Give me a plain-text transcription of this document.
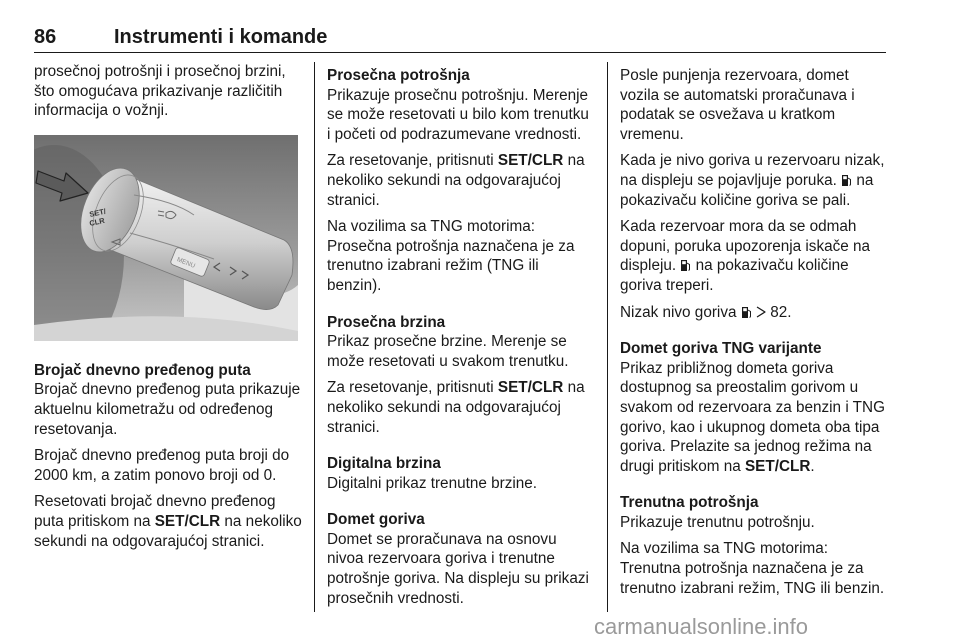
86	Instrumenti i komande

prosečnoj potrošnji i prosečnoj brzini, što omogućava prikazivanje različitih informacija o vožnji.

SET/
CLR
MENU

Brojač dnevno pređenog puta

Brojač dnevno pređenog puta prikazuje aktuelnu kilometražu od određenog resetovanja.

Brojač dnevno pređenog puta broji do 2000 km, a zatim ponovo broji od 0.

Resetovati brojač dnevno pređenog puta pritiskom na SET/CLR na nekoliko sekundi na odgovarajućoj stranici.

Prosečna potrošnja

Prikazuje prosečnu potrošnju. Merenje se može resetovati u bilo kom trenutku i početi od podrazumevane vrednosti.

Za resetovanje, pritisnuti SET/CLR na nekoliko sekundi na odgovarajućoj stranici.

Na vozilima sa TNG motorima: Prosečna potrošnja naznačena je za trenutno izabrani režim (TNG ili benzin).

Prosečna brzina

Prikaz prosečne brzine. Merenje se može resetovati u svakom trenutku.

Za resetovanje, pritisnuti SET/CLR na nekoliko sekundi na odgovarajućoj stranici.

Digitalna brzina

Digitalni prikaz trenutne brzine.

Domet goriva

Domet se proračunava na osnovu nivoa rezervoara goriva i trenutne potrošnje goriva. Na displeju su prikazi prosečnih vrednosti.

Posle punjenja rezervoara, domet vozila se automatski proračunava i podatak se osvežava u kratkom vremenu.

Kada je nivo goriva u rezervoaru nizak, na displeju se pojavljuje poruka.  na pokazivaču količine goriva se pali.

Kada rezervoar mora da se odmah dopuni, poruka upozorenja iskače na displeju.  na pokazivaču količine goriva treperi.

Nizak nivo goriva   82.

Domet goriva TNG varijante

Prikaz približnog dometa goriva dostupnog sa preostalim gorivom u svakom od rezervoara za benzin i TNG gorivo, kao i ukupnog dometa oba tipa goriva. Prelazite sa jednog režima na drugi pritiskom na SET/CLR.

Trenutna potrošnja

Prikazuje trenutnu potrošnju.

Na vozilima sa TNG motorima: Trenutna potrošnja naznačena je za trenutno izabrani režim, TNG ili benzin.

carmanualsonline.info
